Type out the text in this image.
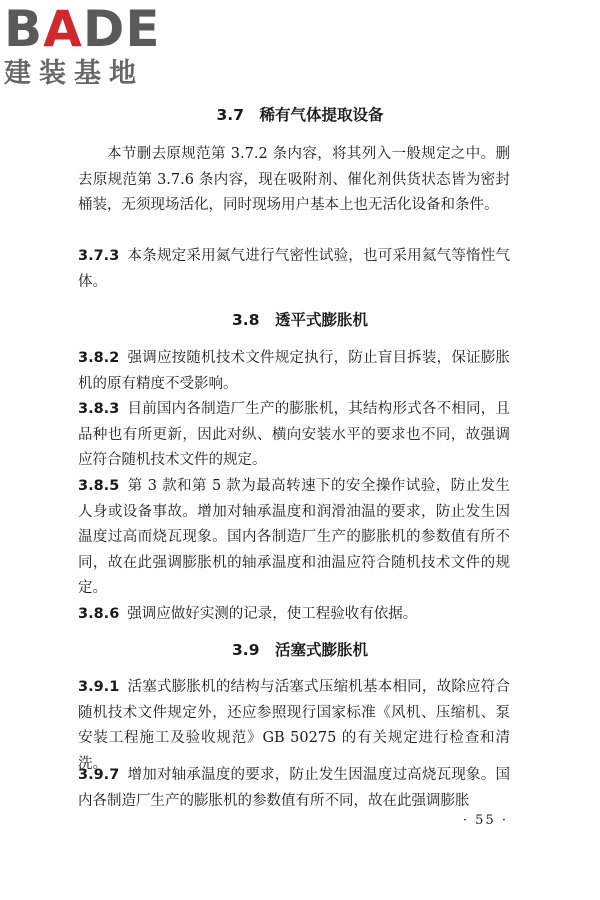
BADE
建装基地
3.7　稀有气体提取设备

本节删去原规范第 3.7.2 条内容，将其列入一般规定之中。删去原规范第 3.7.6 条内容，现在吸附剂、催化剂供货状态皆为密封桶装，无须现场活化，同时现场用户基本上也无活化设备和条件。

3.7.3 本条规定采用氮气进行气密性试验，也可采用氦气等惰性气体。

3.8　透平式膨胀机

3.8.2 强调应按随机技术文件规定执行，防止盲目拆装，保证膨胀机的原有精度不受影响。

3.8.3 目前国内各制造厂生产的膨胀机，其结构形式各不相同，且品种也有所更新，因此对纵、横向安装水平的要求也不同，故强调应符合随机技术文件的规定。

3.8.5 第 3 款和第 5 款为最高转速下的安全操作试验，防止发生人身或设备事故。增加对轴承温度和润滑油温的要求，防止发生因温度过高而烧瓦现象。国内各制造厂生产的膨胀机的参数值有所不同，故在此强调膨胀机的轴承温度和油温应符合随机技术文件的规定。

3.8.6 强调应做好实测的记录，使工程验收有依据。

3.9　活塞式膨胀机

3.9.1 活塞式膨胀机的结构与活塞式压缩机基本相同，故除应符合随机技术文件规定外，还应参照现行国家标准《风机、压缩机、泵安装工程施工及验收规范》GB 50275 的有关规定进行检查和清洗。

3.9.7 增加对轴承温度的要求，防止发生因温度过高烧瓦现象。国内各制造厂生产的膨胀机的参数值有所不同，故在此强调膨胀

· 55 ·
